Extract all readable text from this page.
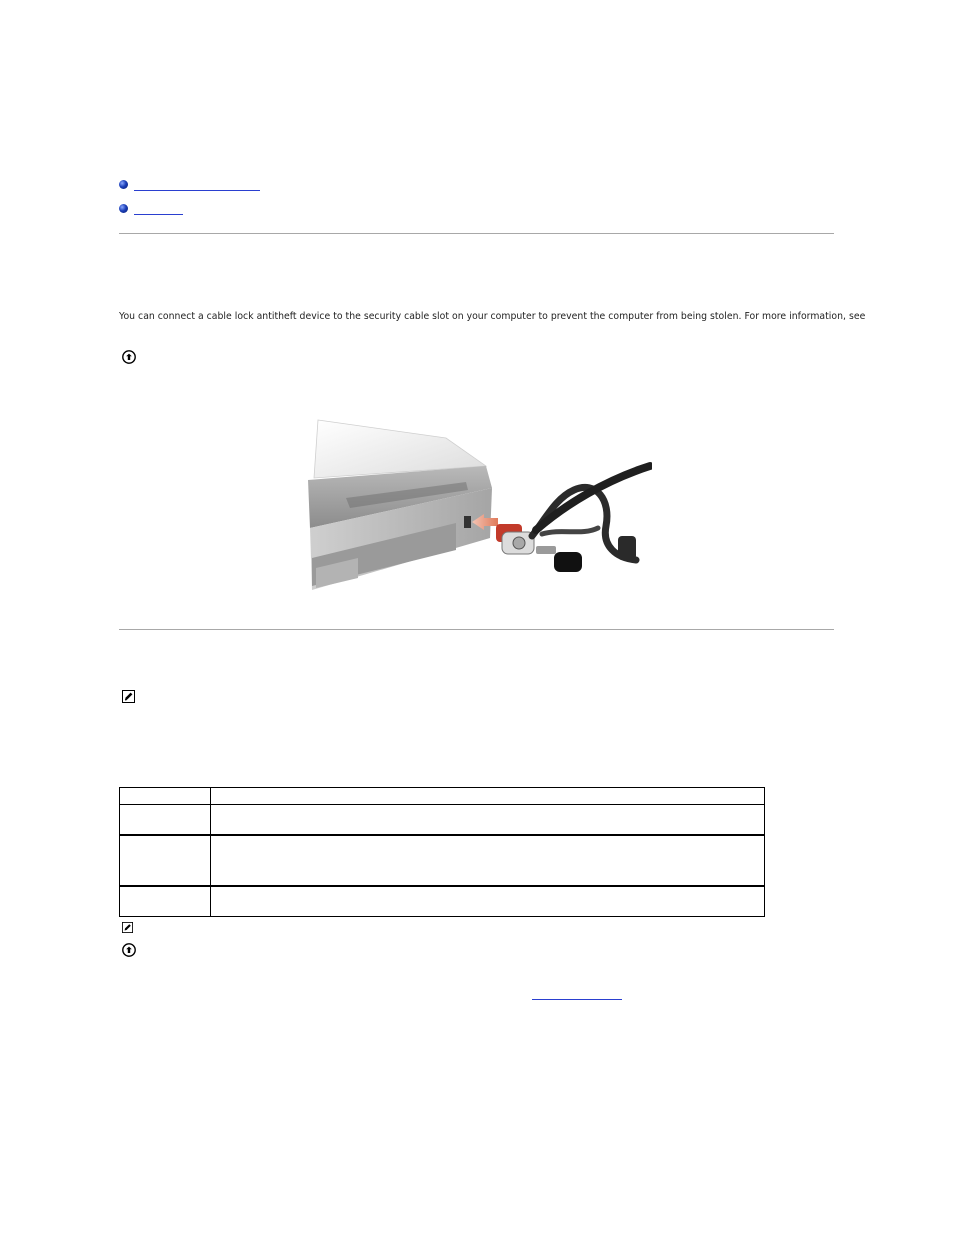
You can connect a cable lock antitheft device to the security cable slot on your computer to prevent the computer from being stolen. For more information, see
